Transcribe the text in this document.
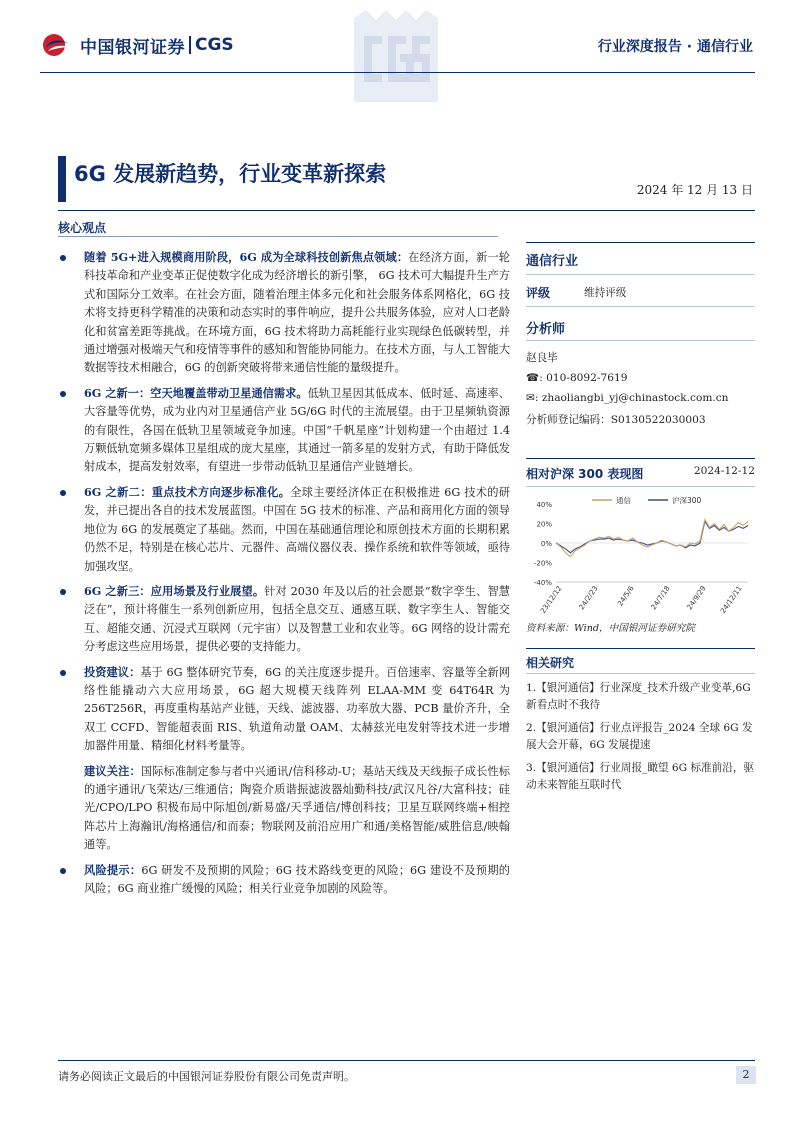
中国银河证券 CGS	行业深度报告 · 通信行业
6G 发展新趋势，行业变革新探索
2024 年 12 月 13 日
核心观点
随着 5G+进入规模商用阶段，6G 成为全球科技创新焦点领域：在经济方面，新一轮科技革命和产业变革正促使数字化成为经济增长的新引擎， 6G 技术可大幅提升生产方式和国际分工效率。在社会方面，随着治理主体多元化和社会服务体系网格化，6G 技术将支持更科学精准的决策和动态实时的事件响应，提升公共服务体验，应对人口老龄化和贫富差距等挑战。在环境方面，6G 技术将助力高耗能行业实现绿色低碳转型，并通过增强对极端天气和疫情等事件的感知和智能协同能力。在技术方面，与人工智能大数据等技术相融合，6G 的创新突破将带来通信性能的量级提升。
6G 之新一：空天地覆盖带动卫星通信需求。低轨卫星因其低成本、低时延、高速率、大容量等优势，成为业内对卫星通信产业 5G/6G 时代的主流展望。由于卫星频轨资源的有限性，各国在低轨卫星领域竞争加速。中国“千帆星座”计划构建一个由超过 1.4 万颗低轨宽频多媒体卫星组成的庞大星座，其通过一箭多星的发射方式，有助于降低发射成本，提高发射效率，有望进一步带动低轨卫星通信产业链增长。
6G 之新二：重点技术方向逐步标准化。全球主要经济体正在积极推进 6G 技术的研发，并已提出各自的技术发展蓝图。中国在 5G 技术的标准、产品和商用化方面的领导地位为 6G 的发展奠定了基础。然而，中国在基础通信理论和原创技术方面的长期积累仍然不足，特别是在核心芯片、元器件、高端仪器仪表、操作系统和软件等领域，亟待加强攻坚。
6G 之新三：应用场景及行业展望。针对 2030 年及以后的社会愿景“数字孪生、智慧泛在”，预计将催生一系列创新应用，包括全息交互、通感互联、数字孪生人、智能交互、超能交通、沉浸式互联网（元宇宙）以及智慧工业和农业等。6G 网络的设计需充分考虑这些应用场景，提供必要的支持能力。
投资建议：基于 6G 整体研究节奏，6G 的关注度逐步提升。百倍速率、容量等全新网络性能撬动六大应用场景，6G 超大规模天线阵列 ELAA-MM 变 64T64R 为 256T256R，再度重构基站产业链，天线、滤波器、功率放大器、PCB 量价齐升，全双工 CCFD、智能超表面 RIS、轨道角动量 OAM、太赫兹光电发射等技术进一步增加器件用量、精细化材料考量等。
建议关注：国际标准制定参与者中兴通讯/信科移动-U；基站天线及天线振子成长性标的通宇通讯/飞荣达/三维通信；陶瓷介质谐振滤波器灿勤科技/武汉凡谷/大富科技；硅光/CPO/LPO 积极布局中际旭创/新易盛/天孚通信/博创科技；卫星互联网终端+相控阵芯片上海瀚讯/海格通信/和而泰；物联网及前沿应用广和通/美格智能/威胜信息/映翰通等。
风险提示：6G 研发不及预期的风险；6G 技术路线变更的风险；6G 建设不及预期的风险；6G 商业推广缓慢的风险；相关行业竞争加剧的风险等。
通信行业
评级	维持评级
分析师
赵良毕
☎: 010-8092-7619
✉: zhaoliangbi_yj@chinastock.com.cn
分析师登记编码：S0130522030003
相对沪深 300 表现图	2024-12-12
40%
20%
0%
-20%
-40%
通信	沪深300
23/12/12 24/2/23 24/5/6 24/7/18 24/9/29 24/12/11
资料来源：Wind，中国银河证券研究院
相关研究
1.【银河通信】行业深度_技术升级产业变革,6G 新看点时不我待
2.【银河通信】行业点评报告_2024 全球 6G 发展大会开幕，6G 发展提速
3.【银河通信】行业周报_瞰望 6G 标准前沿，驱动未来智能互联时代
请务必阅读正文最后的中国银河证券股份有限公司免责声明。	2
